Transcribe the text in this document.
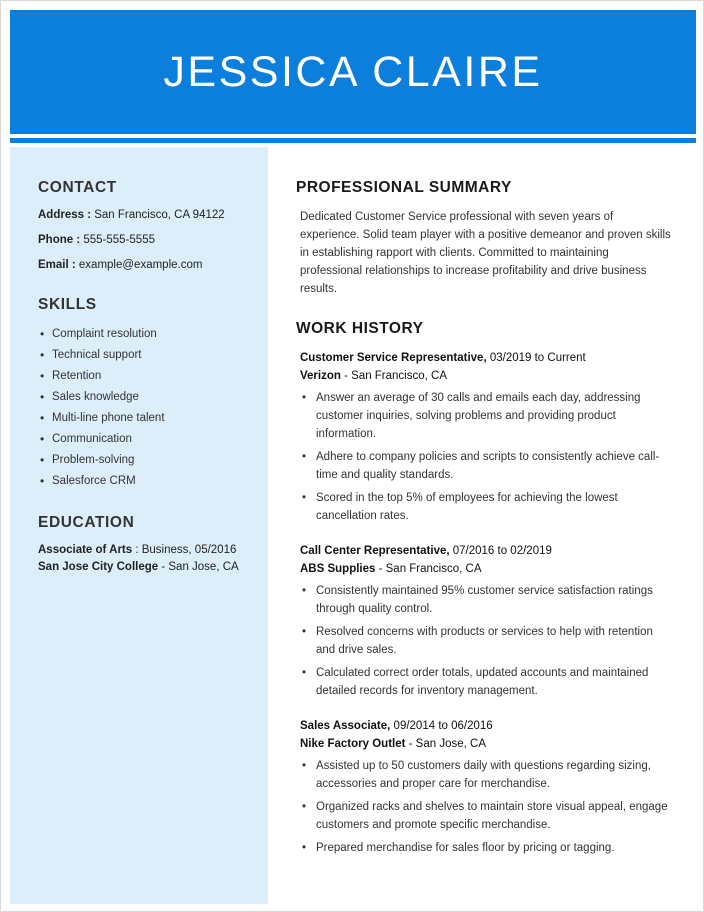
JESSICA CLAIRE
CONTACT
Address : San Francisco, CA 94122
Phone : 555-555-5555
Email : example@example.com
SKILLS
• Complaint resolution
• Technical support
• Retention
• Sales knowledge
• Multi-line phone talent
• Communication
• Problem-solving
• Salesforce CRM
EDUCATION
Associate of Arts : Business, 05/2016
San Jose City College - San Jose, CA
PROFESSIONAL SUMMARY

Dedicated Customer Service professional with seven years of experience. Solid team player with a positive demeanor and proven skills in establishing rapport with clients. Committed to maintaining professional relationships to increase profitability and drive business results.

WORK HISTORY
Customer Service Representative, 03/2019 to Current
Verizon - San Francisco, CA
• Answer an average of 30 calls and emails each day, addressing customer inquiries, solving problems and providing product information.
• Adhere to company policies and scripts to consistently achieve call-time and quality standards.
• Scored in the top 5% of employees for achieving the lowest cancellation rates.
Call Center Representative, 07/2016 to 02/2019
ABS Supplies - San Francisco, CA
• Consistently maintained 95% customer service satisfaction ratings through quality control.
• Resolved concerns with products or services to help with retention and drive sales.
• Calculated correct order totals, updated accounts and maintained detailed records for inventory management.
Sales Associate, 09/2014 to 06/2016
Nike Factory Outlet - San Jose, CA
• Assisted up to 50 customers daily with questions regarding sizing, accessories and proper care for merchandise.
• Organized racks and shelves to maintain store visual appeal, engage customers and promote specific merchandise.
• Prepared merchandise for sales floor by pricing or tagging.
